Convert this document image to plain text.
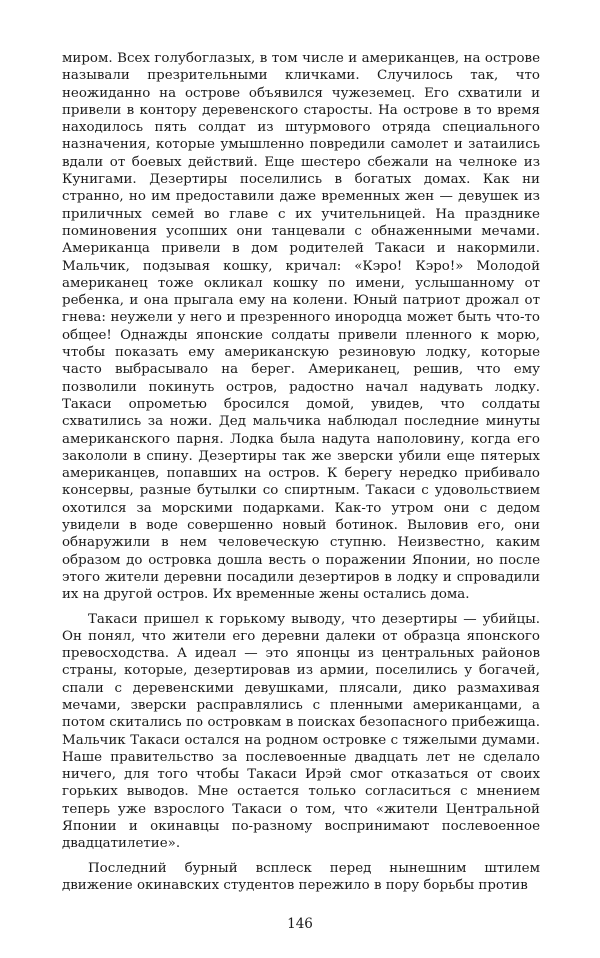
миром. Всех голубоглазых, в том числе и американцев, на острове называли презрительными кличками. Случилось так, что неожиданно на острове объявился чужеземец. Его схватили и привели в контору деревенского старосты. На острове в то время находилось пять солдат из штурмового отряда специального назначения, которые умышленно повредили самолет и затаились вдали от боевых действий. Еще шестеро сбежали на челноке из Кунигами. Дезертиры поселились в богатых домах. Как ни странно, но им предоставили даже временных жен — девушек из приличных семей во главе с их учительницей. На празднике поминовения усопших они танцевали с обнаженными мечами. Американца привели в дом родителей Такаси и накормили. Мальчик, подзывая кошку, кричал: «Кэро! Кэро!» Молодой американец тоже окликал кошку по имени, услышанному от ребенка, и она прыгала ему на колени. Юный патриот дрожал от гнева: неужели у него и презренного инородца может быть что-то общее! Однажды японские солдаты привели пленного к морю, чтобы показать ему американскую резиновую лодку, которые часто выбрасывало на берег. Американец, решив, что ему позволили покинуть остров, радостно начал надувать лодку. Такаси опрометью бросился домой, увидев, что солдаты схватились за ножи. Дед мальчика наблюдал последние минуты американского парня. Лодка была надута наполовину, когда его закололи в спину. Дезертиры так же зверски убили еще пятерых американцев, попавших на остров. К берегу нередко прибивало консервы, разные бутылки со спиртным. Такаси с удовольствием охотился за морскими подарками. Как-то утром они с дедом увидели в воде совершенно новый ботинок. Выловив его, они обнаружили в нем человеческую ступню. Неизвестно, каким образом до островка дошла весть о поражении Японии, но после этого жители деревни посадили дезертиров в лодку и спровадили их на другой остров. Их временные жены остались дома.

Такаси пришел к горькому выводу, что дезертиры — убийцы. Он понял, что жители его деревни далеки от образца японского превосходства. А идеал — это японцы из центральных районов страны, которые, дезертировав из армии, поселились у богачей, спали с деревенскими девушками, плясали, дико размахивая мечами, зверски расправлялись с пленными американцами, а потом скитались по островкам в поисках безопасного прибежища. Мальчик Такаси остался на родном островке с тяжелыми думами. Наше правительство за послевоенные двадцать лет не сделало ничего, для того чтобы Такаси Ирэй смог отказаться от своих горьких выводов. Мне остается только согласиться с мнением теперь уже взрослого Такаси о том, что «жители Центральной Японии и окинавцы по-разному воспринимают послевоенное двадцатилетие».

Последний бурный всплеск перед нынешним штилем движение окинавских студентов пережило в пору борьбы против

146
